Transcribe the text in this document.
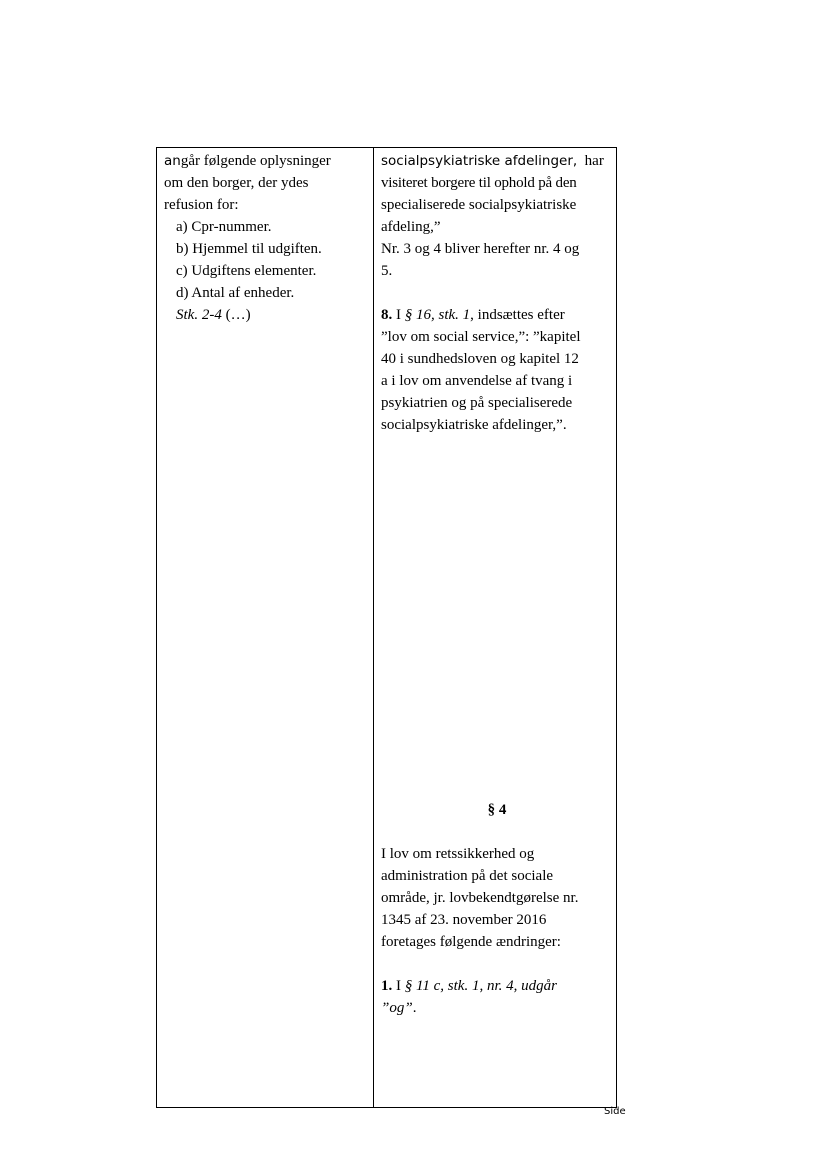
angår følgende oplysninger
om den borger, der ydes
refusion for:
a) Cpr-nummer.
b) Hjemmel til udgiften.
c) Udgiftens elementer.
d) Antal af enheder.
Stk. 2-4 (…)
socialpsykiatriske afdelinger,  har
visiteret borgere til ophold på den
specialiserede socialpsykiatriske
afdeling,”
Nr. 3 og 4 bliver herefter nr. 4 og
5.
8. I § 16, stk. 1, indsættes efter
”lov om social service,”: ”kapitel
40 i sundhedsloven og kapitel 12
a i lov om anvendelse af tvang i
psykiatrien og på specialiserede
socialpsykiatriske afdelinger,”.
§ 4
I lov om retssikkerhed og
administration på det sociale
område, jr. lovbekendtgørelse nr.
1345 af 23. november 2016
foretages følgende ændringer:
1. I § 11 c, stk. 1, nr. 4, udgår
”og”.
Side
